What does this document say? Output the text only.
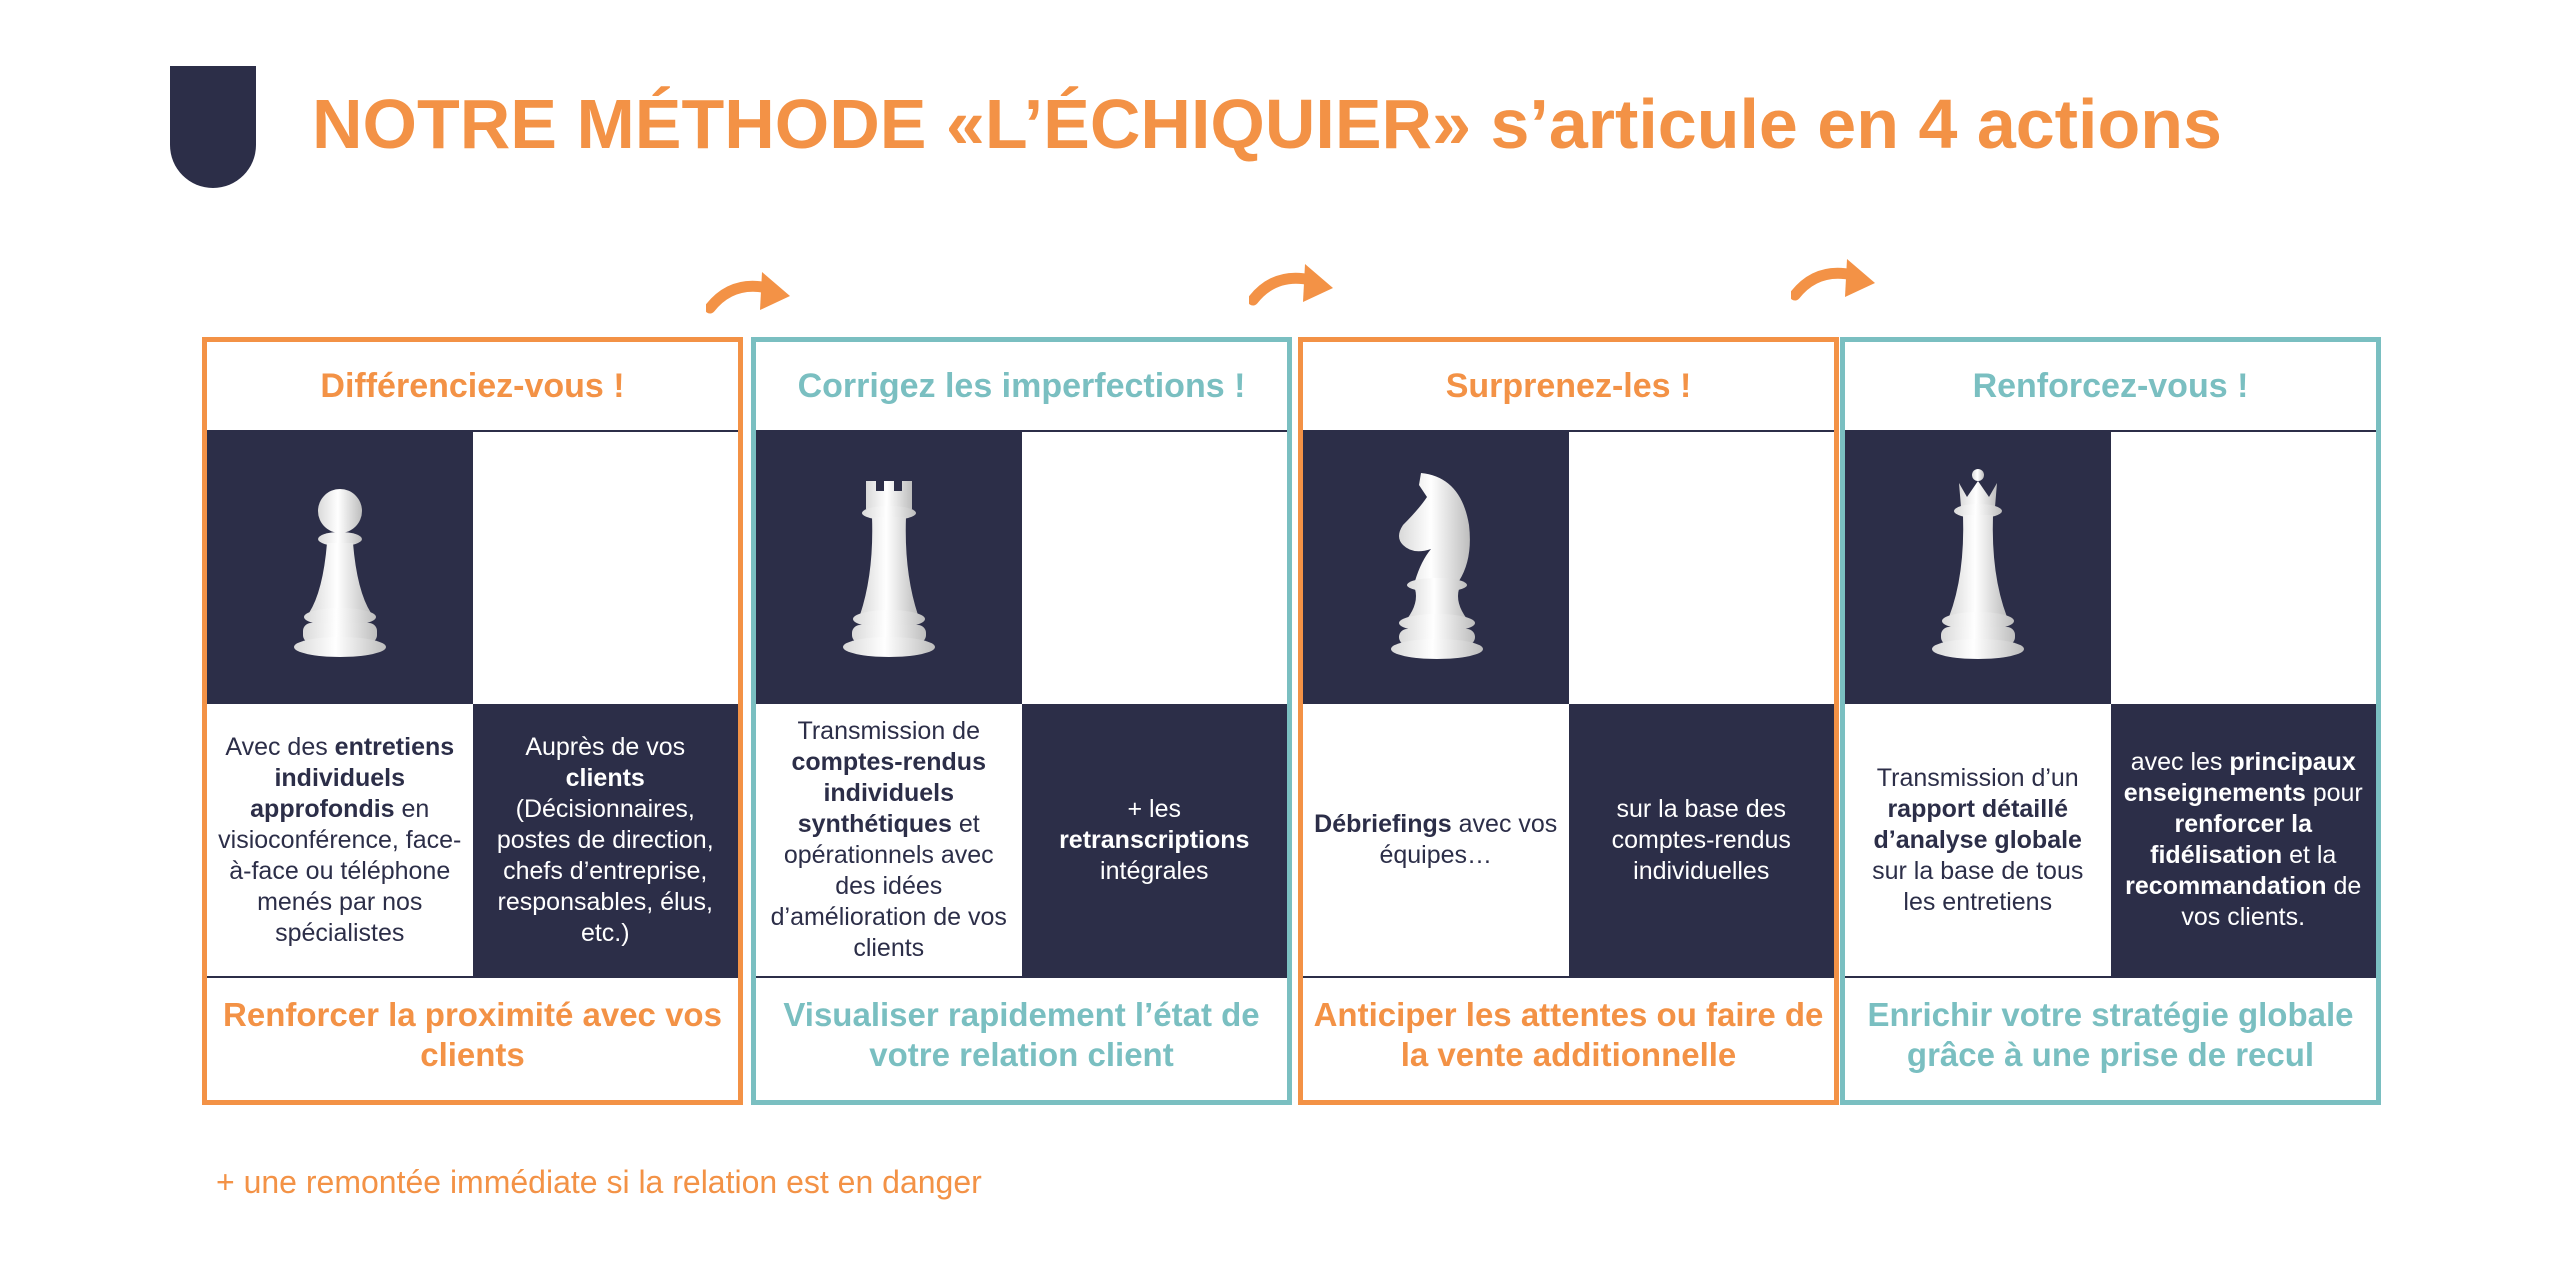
NOTRE MÉTHODE «L’ÉCHIQUIER» s’articule en 4 actions
Différenciez-vous !
Avec des entretiens individuels approfondis en visioconférence, face-à-face ou téléphone menés par nos spécialistes
Auprès de vos clients (Décisionnaires, postes de direction, chefs d’entreprise, responsables, élus, etc.)
Renforcer la proximité avec vos clients
Corrigez les imperfections !
Transmission de comptes-rendus individuels synthétiques et opérationnels avec des idées d’amélioration de vos clients
+ les retranscriptions intégrales
Visualiser rapidement l’état de votre relation client
Surprenez-les !
Débriefings avec vos équipes…
sur la base des comptes-rendus individuelles
Anticiper les attentes ou faire de la vente additionnelle
Renforcez-vous !
Transmission d’un rapport détaillé d’analyse globale sur la base de tous les entretiens
avec les principaux enseignements pour renforcer la fidélisation et la recommandation de vos clients.
Enrichir votre stratégie globale grâce à une prise de recul
+ une remontée immédiate si la relation est en danger
